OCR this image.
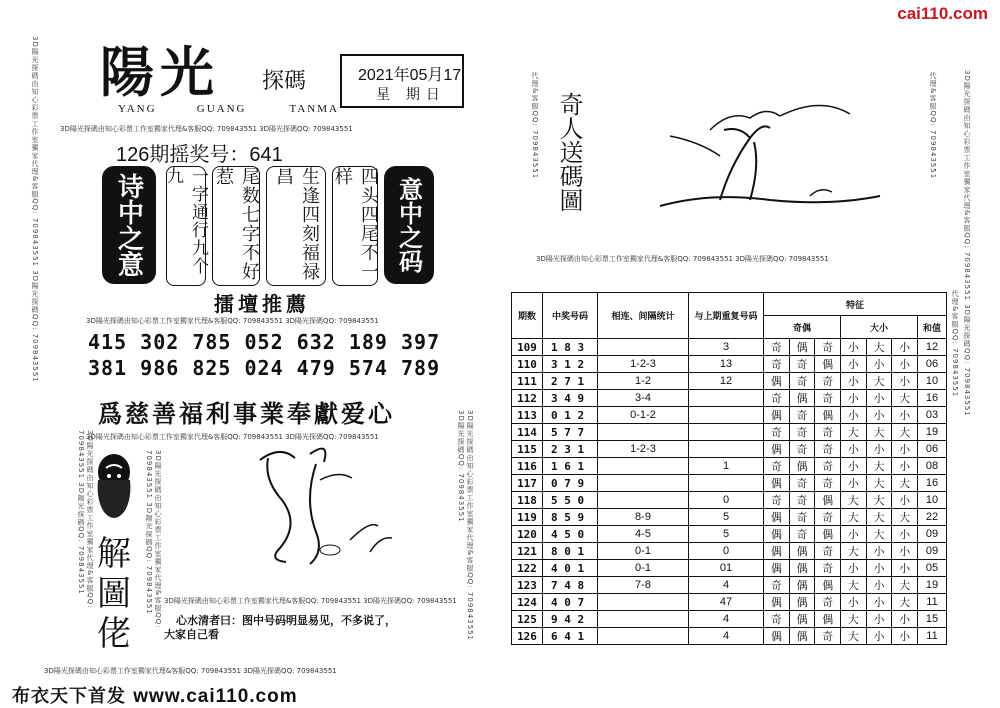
cai110.com
3D陽光探碼由知心彩票工作室獨家代理&客服QQ: 709843551 3D陽光探碼QQ: 709843551 陽光 探碼
YANG	GUANG	TANMA
2021年05月17
星 期日
3D陽光探碼由知心彩票工作室獨家代理&客服QQ: 709843551 3D陽光探碼QQ: 709843551
126期摇奖号：641
诗中之意	一字通行九个九	尾数七字不好惹	生逢四刻福禄昌	四头四尾不一样
意中之码
擂壇推薦
3D陽光探碼由知心彩票工作室獨家代理&客服QQ: 709843551 3D陽光探碼QQ: 709843551
415 302 785 052 632 189 397
381 986 825 024 479 574 789
爲慈善福利事業奉獻爱心
3D陽光探碼由知心彩票工作室獨家代理&客服QQ: 709843551 3D陽光探碼QQ: 709843551
3D陽光探碼由知心彩票工作室獨家代理&客服QQ: 709843551 3D陽光探碼QQ: 709843551	3D陽光探碼由知心彩票工作室獨家代理&客服QQ: 709843551 3D陽光探碼QQ: 709843551	3D陽光探碼由知心彩票工作室獨家代理&客服QQ: 709843551 3D陽光探碼QQ: 709843551
解
圖
佬
3D陽光探碼由知心彩票工作室獨家代理&客服QQ: 709843551 3D陽光探碼QQ: 709843551
心水清者曰：图中号码明显易见，不多说了，
大家自己看
3D陽光探碼由知心彩票工作室獨家代理&客服QQ: 709843551 3D陽光探碼QQ: 709843551
布衣天下首发 www.cai110.com
代理&客服QQ: 709843551	代理&客服QQ: 709843551	3D陽光探碼由知心彩票工作室獨家代理&客服QQ: 709843551 3D陽光探碼QQ: 709843551
奇人送碼圖
3D陽光探碼由知心彩票工作室獨家代理&客服QQ: 709843551 3D陽光探碼QQ: 709843551
代理&客服QQ: 709843551
期数	中奖号码	相连、间隔统计	与上期重复号码	特征						
				奇偶			大小			和值
109	1 8 3		3	奇	偶	奇	小	大	小	12
110	3 1 2	1-2-3	13	奇	奇	偶	小	小	小	06
111	2 7 1	1-2	12	偶	奇	奇	小	大	小	10
112	3 4 9	3-4		奇	偶	奇	小	小	大	16
113	0 1 2	0-1-2		偶	奇	偶	小	小	小	03
114	5 7 7			奇	奇	奇	大	大	大	19
115	2 3 1	1-2-3		偶	奇	奇	小	小	小	06
116	1 6 1		1	奇	偶	奇	小	大	小	08
117	0 7 9			偶	奇	奇	小	大	大	16
118	5 5 0		0	奇	奇	偶	大	大	小	10
119	8 5 9	8-9	5	偶	奇	奇	大	大	大	22
120	4 5 0	4-5	5	偶	奇	偶	小	大	小	09
121	8 0 1	0-1	0	偶	偶	奇	大	小	小	09
122	4 0 1	0-1	01	偶	偶	奇	小	小	小	05
123	7 4 8	7-8	4	奇	偶	偶	大	小	大	19
124	4 0 7		47	偶	偶	奇	小	小	大	11
125	9 4 2		4	奇	偶	偶	大	小	小	15
126	6 4 1		4	偶	偶	奇	大	小	小	11
